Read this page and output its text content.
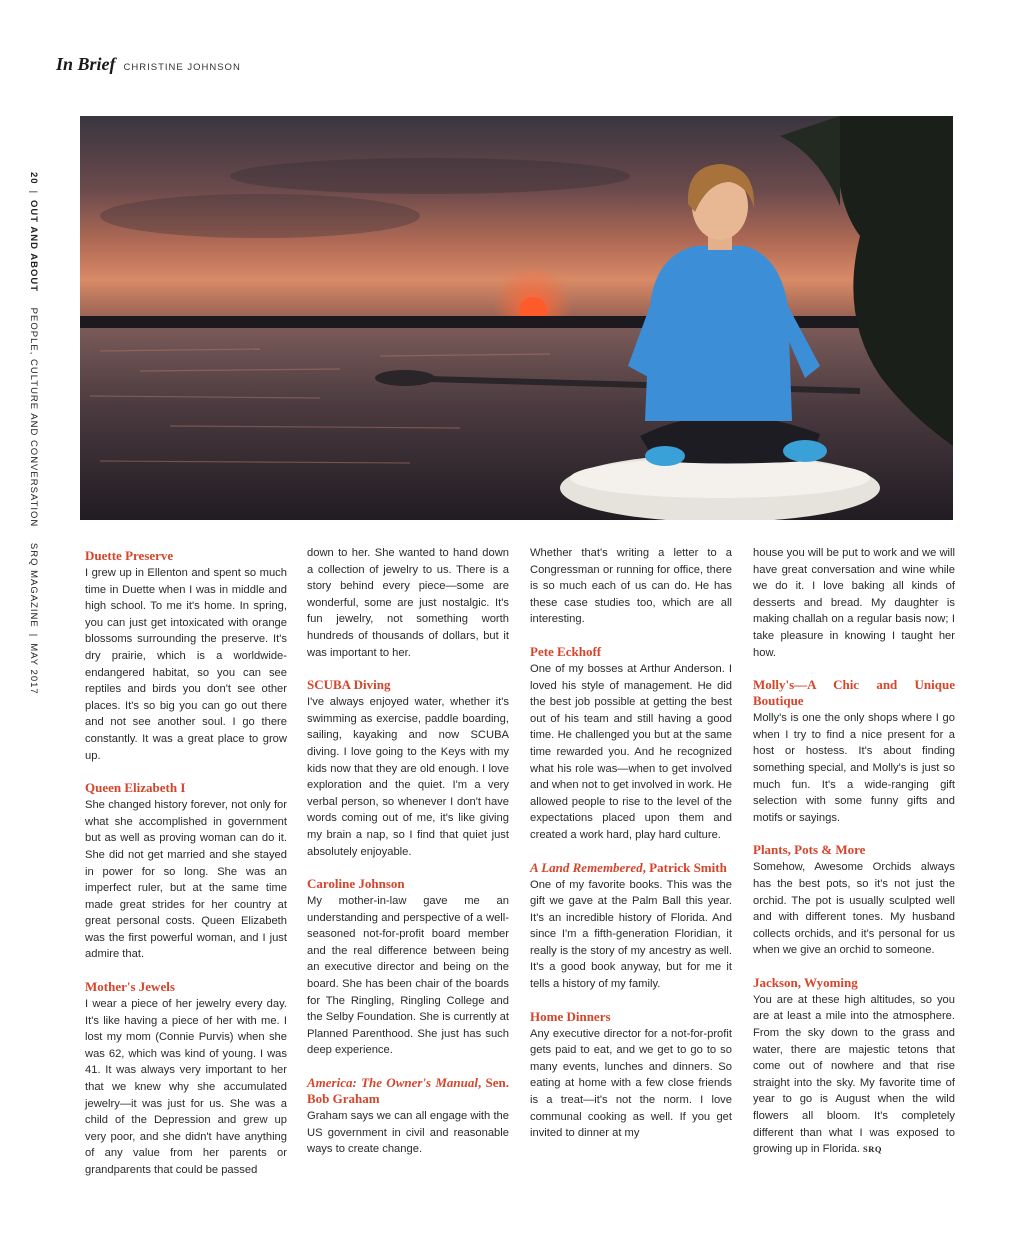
In Brief CHRISTINE JOHNSON
20|OUT AND ABOUT PEOPLE, CULTURE AND CONVERSATION SRQ MAGAZINE|MAY 2017
Duette Preserve

I grew up in Ellenton and spent so much time in Duette when I was in middle and high school. To me it's home. In spring, you can just get intoxicated with orange blossoms surrounding the preserve. It's dry prairie, which is a worldwide-endangered habitat, so you can see reptiles and birds you don't see other places. It's so big you can go out there and not see another soul. I go there constantly. It was a great place to grow up.

Queen Elizabeth I

She changed history forever, not only for what she accomplished in government but as well as proving woman can do it. She did not get married and she stayed in power for so long. She was an imperfect ruler, but at the same time made great strides for her country at great personal costs. Queen Elizabeth was the first powerful woman, and I just admire that.

Mother's Jewels

I wear a piece of her jewelry every day. It's like having a piece of her with me. I lost my mom (Connie Purvis) when she was 62, which was kind of young. I was 41. It was always very important to her that we knew why she accumulated jewelry—it was just for us. She was a child of the Depression and grew up very poor, and she didn't have anything of any value from her parents or grandparents that could be passed

down to her. She wanted to hand down a collection of jewelry to us. There is a story behind every piece—some are wonderful, some are just nostalgic. It's fun jewelry, not something worth hundreds of thousands of dollars, but it was important to her.

SCUBA Diving

I've always enjoyed water, whether it's swimming as exercise, paddle boarding, sailing, kayaking and now SCUBA diving. I love going to the Keys with my kids now that they are old enough. I love exploration and the quiet. I'm a very verbal person, so whenever I don't have words coming out of me, it's like giving my brain a nap, so I find that quiet just absolutely enjoyable.

Caroline Johnson

My mother-in-law gave me an understanding and perspective of a well-seasoned not-for-profit board member and the real difference between being an executive director and being on the board. She has been chair of the boards for The Ringling, Ringling College and the Selby Foundation. She is currently at Planned Parenthood. She just has such deep experience.

America: The Owner's Manual, Sen. Bob Graham

Graham says we can all engage with the US government in civil and reasonable ways to create change.

Whether that's writing a letter to a Congressman or running for office, there is so much each of us can do. He has these case studies too, which are all interesting.

Pete Eckhoff

One of my bosses at Arthur Anderson. I loved his style of management. He did the best job possible at getting the best out of his team and still having a good time. He challenged you but at the same time rewarded you. And he recognized what his role was—when to get involved and when not to get involved in work. He allowed people to rise to the level of the expectations placed upon them and created a work hard, play hard culture.

A Land Remembered, Patrick Smith

One of my favorite books. This was the gift we gave at the Palm Ball this year. It's an incredible history of Florida. And since I'm a fifth-generation Floridian, it really is the story of my ancestry as well. It's a good book anyway, but for me it tells a history of my family.

Home Dinners

Any executive director for a not-for-profit gets paid to eat, and we get to go to so many events, lunches and dinners. So eating at home with a few close friends is a treat—it's not the norm. I love communal cooking as well. If you get invited to dinner at my

house you will be put to work and we will have great conversation and wine while we do it. I love baking all kinds of desserts and bread. My daughter is making challah on a regular basis now; I take pleasure in knowing I taught her how.

Molly's—A Chic and Unique Boutique

Molly's is one the only shops where I go when I try to find a nice present for a host or hostess. It's about finding something special, and Molly's is just so much fun. It's a wide-ranging gift selection with some funny gifts and motifs or sayings.

Plants, Pots & More

Somehow, Awesome Orchids always has the best pots, so it's not just the orchid. The pot is usually sculpted well and with different tones. My husband collects orchids, and it's personal for us when we give an orchid to someone.

Jackson, Wyoming

You are at these high altitudes, so you are at least a mile into the atmosphere. From the sky down to the grass and water, there are majestic tetons that come out of nowhere and that rise straight into the sky. My favorite time of year to go is August when the wild flowers all bloom. It's completely different than what I was exposed to growing up in Florida. SRQ
